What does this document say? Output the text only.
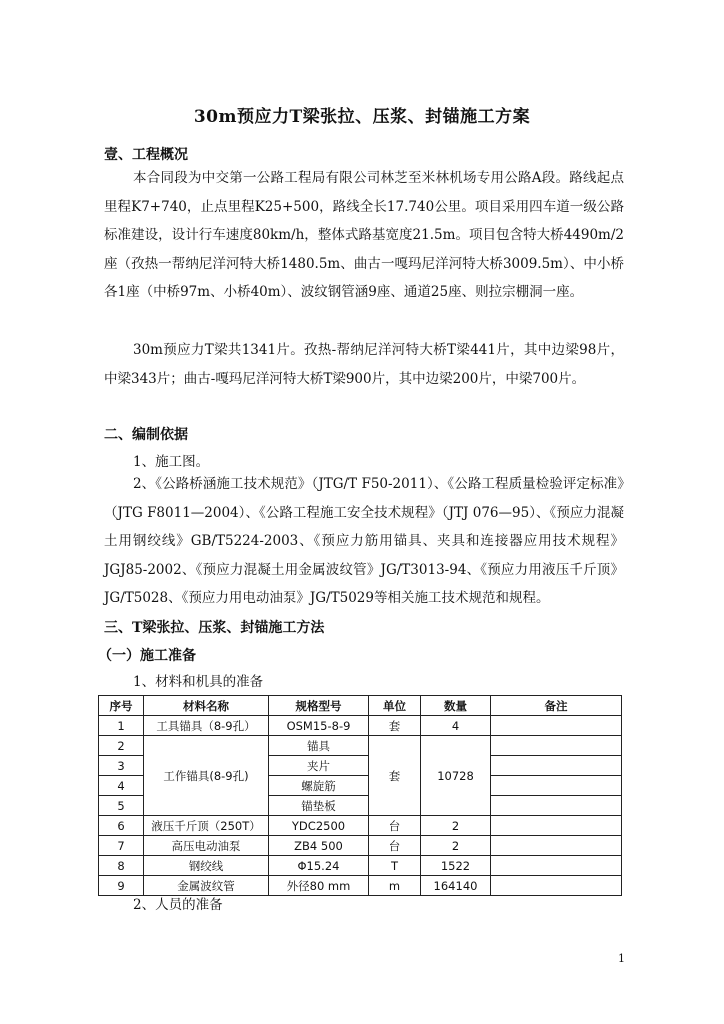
30m预应力T梁张拉、压浆、封锚施工方案
壹、工程概况

本合同段为中交第一公路工程局有限公司林芝至米林机场专用公路A段。路线起点里程K7+740，止点里程K25+500，路线全长17.740公里。项目采用四车道一级公路标准建设，设计行车速度80km/h，整体式路基宽度21.5m。项目包含特大桥4490m/2座（孜热一帮纳尼洋河特大桥1480.5m、曲古一嘎玛尼洋河特大桥3009.5m）、中小桥各1座（中桥97m、小桥40m）、波纹钢管涵9座、通道25座、则拉宗棚洞一座。

30m预应力T梁共1341片。孜热-帮纳尼洋河特大桥T梁441片，其中边梁98片，中梁343片；曲古-嘎玛尼洋河特大桥T梁900片，其中边梁200片，中梁700片。

二、编制依据
1、施工图。

2、《公路桥涵施工技术规范》（JTG/T F50-2011）、《公路工程质量检验评定标准》（JTG F8011—2004）、《公路工程施工安全技术规程》（JTJ 076—95）、《预应力混凝土用钢绞线》GB/T5224-2003、《预应力筋用锚具、夹具和连接器应用技术规程》JGJ85-2002、《预应力混凝土用金属波纹管》JG/T3013-94、《预应力用液压千斤顶》JG/T5028、《预应力用电动油泵》JG/T5029等相关施工技术规范和规程。

三、T梁张拉、压浆、封锚施工方法
（一）施工准备
1、材料和机具的准备
序号	材料名称	规格型号	单位	数量	备注
1	工具锚具（8-9孔）	OSM15-8-9	套	4	
2	工作锚具(8-9孔)	锚具	套	10728	
3		夹片			
4		螺旋筋			
5		锚垫板			
6	液压千斤顶（250T）	YDC2500	台	2	
7	高压电动油泵	ZB4 500	台	2	
8	钢绞线	Φ15.24	T	1522	
9	金属波纹管	外径80 mm	m	164140	
2、人员的准备
1
